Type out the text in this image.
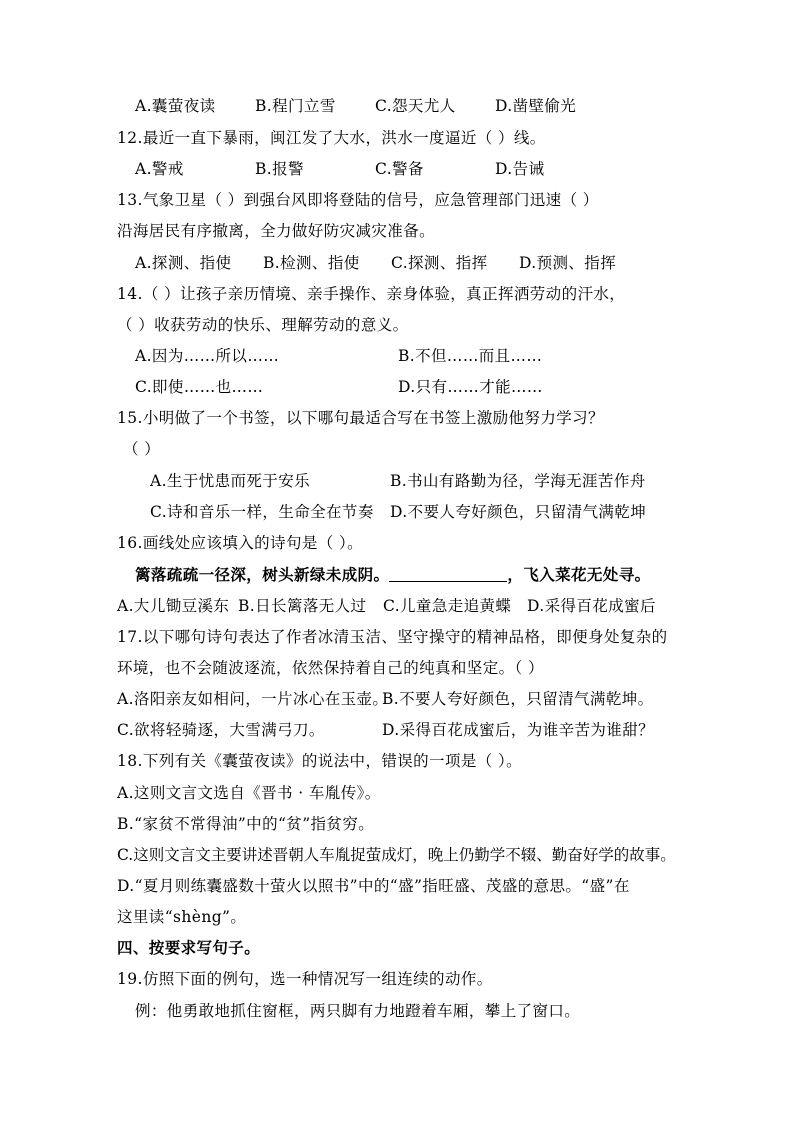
A.囊萤夜读	B.程门立雪	C.怨天尤人	D.凿壁偷光
12.最近一直下暴雨，闽江发了大水，洪水一度逼近（ ）线。
A.警戒	B.报警	C.警备	D.告诫
13.气象卫星（ ）到强台风即将登陆的信号，应急管理部门迅速（ ）
沿海居民有序撤离，全力做好防灾减灾准备。
A.探测、指使 B.检测、指使 C.探测、指挥 D.预测、指挥
14.（ ）让孩子亲历情境、亲手操作、亲身体验，真正挥洒劳动的汗水，
（ ）收获劳动的快乐、理解劳动的意义。
A.因为……所以……	B.不但……而且……
C.即使……也……	D.只有……才能……
15.小明做了一个书签，以下哪句最适合写在书签上激励他努力学习？
（ ）
A.生于忧患而死于安乐	B.书山有路勤为径，学海无涯苦作舟
C.诗和音乐一样，生命全在节奏 D.不要人夸好颜色，只留清气满乾坤
16.画线处应该填入的诗句是（ ）。
篱落疏疏一径深，树头新绿未成阴。	，飞入菜花无处寻。
A.大儿锄豆溪东 B.日长篱落无人过 C.儿童急走追黄蝶 D.采得百花成蜜后
17.以下哪句诗句表达了作者冰清玉洁、坚守操守的精神品格，即便身处复杂的
环境，也不会随波逐流，依然保持着自己的纯真和坚定。（ ）
A.洛阳亲友如相问，一片冰心在玉壶。
B.不要人夸好颜色，只留清气满乾坤。
C.欲将轻骑逐，大雪满弓刀。	D.采得百花成蜜后，为谁辛苦为谁甜？
18.下列有关《囊萤夜读》的说法中，错误的一项是（ ）。
A.这则文言文选自《晋书 · 车胤传》。
B.“家贫不常得油”中的“贫”指贫穷。
C.这则文言文主要讲述晋朝人车胤捉萤成灯，晚上仍勤学不辍、勤奋好学的故事。
D.“夏月则练囊盛数十萤火以照书”中的“盛”指旺盛、茂盛的意思。“盛”在
这里读“shèng”。
四、按要求写句子。
19.仿照下面的例句，选一种情况写一组连续的动作。
例：他勇敢地抓住窗框，两只脚有力地蹬着车厢，攀上了窗口。
